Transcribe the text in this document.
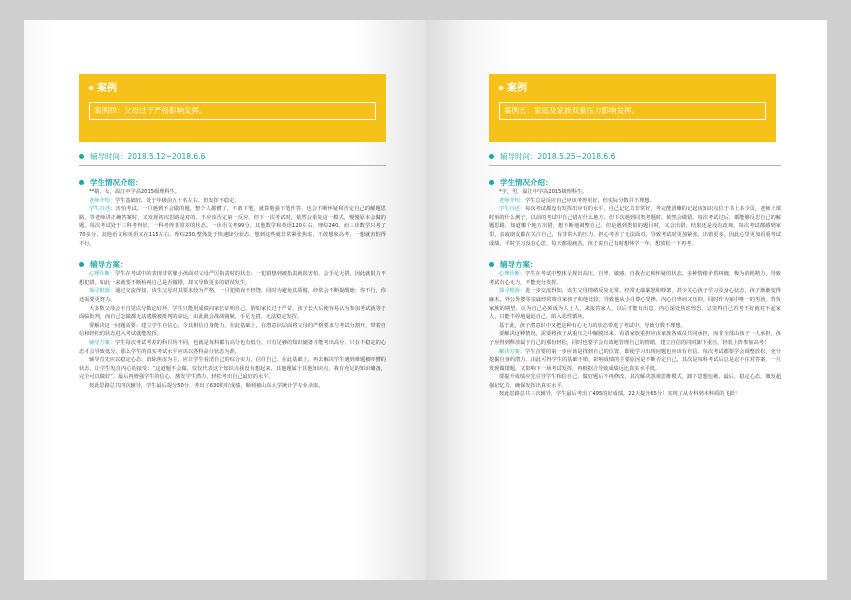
案例
案例四：父母过于严格影响发挥。
辅导时间：2018.5.12~2018.6.6
学生情况介绍：

**婧，女，温江中学高2015级理科生。

老师介绍：学生基础好，处于年级前五十名左右，但发挥不稳定。

学生自述：害怕考试，一旦遇到不会做的题，整个人都懵了，不敢下笔，就算勉强下笔作答，也会不断怀疑和否定自己的解题思路。等老师讲正确答案时，又发现初次思路是对的，不应该否定第一反应。但下一次考试时，依然会重复这一模式，慢慢原本会做的题，每次考试处于三科考得好，一科考得非常差的状态。一诊语文考99分，其他数学和英语120左右，理综240。而三诊数学只考了70多分，其他语文和英语又在115左右，理综230,整体处于快速降分状态。想到这些就非常紧张焦虑，不敢想象高考，一想就害怕得不行。

辅导方案：

心理诊断：学生在考试中的表现非常像小孩面对父母严厉指责时的状态：一犯错想到被指责就很害怕，会手足无措，因此就很力不想犯错。如此一来就要不断检视自己是否做错，却又导致更多的错误发生。

探寻根源：通过交流得知，该生父母对其要求较为严格，一旦犯错误不轻饶，同时为避免其骄傲，经常会不断提醒她：你不行，你还需要更努力。

大多数父母会不自觉以分数论好坏，学生只能用成绩向家长证明自己。假如家长过于严苛，孩子长大后便容易认为参加考试就等于面临批判，而自己怎做都无法逃脱被批判的命运，由此就会战战兢兢，手足无措，无法稳定发挥。

要解决这一问题需要：建立学生自信心，令其相信自身能力。在此基础上，在潜意识层面将父母的严格要求与考试分割开，带着自信和轻松的状态进入考试就能发挥。

辅导方案：学生每次考试考差的科目均不同，也就是每科都有高分也有低分。只有足够的知识储备才能考出高分，只有不稳定的心态才会导致低分。那么学生的真实考试水平应该以各科高分状态为准。

辅导首先应以稳定心态、消除焦虑为主，应让学生看清自己的综合实力，信任自己。在此基础上，再去解决学生遇到难题被吓懵的状态，让学生发自内心的接受：“这道题不会做，仅仅代表这个知识点我没有想起来，其他题属于其他知识点，我有充足的知识储备，完全可以做好”。最后再增强学生的信心，激发学生潜力，轻松考出自己最好的水平。

按此思路总共四次辅导，学生最后提分50分，考出了630的好成绩，顺利被山东大学统计学专业录取。

案例
案例五：家庭及家族双重压力影响发挥。
辅导时间：2018.5.25~2018.6.6
学生情况介绍：

*宇，男，温江中学高2015级理科生。

老师介绍：学生总是反应自己应该考得更好，但实际分数并不理想。

学生自述：每次考试都没有发挥出应有的水平。自己记忆力非常好，考完能清晰的记起该知识点位于书上多少页，老师上课时举的什么例子，以前的考试中自己错在什么地方。但下次遇到同类考题时，依然会做错。每次考试过后，都能够反思自己的解题思路，知道哪个地方出错，想不断地调整自己。但是遇到类似的题目时，又会出错，结果还是没有改观。每次考试都感到家里，亲戚朋友都在关注自己，有非常大的压力，担心考差了无法面对，导致考试时更加紧张，出错更多。因此心里更加看重考试成绩，平时学习没有心思，每天都很痛苦。孩子说自己有时想休学一年，想放松一下再考。

辅导方案：

心理诊断：学生在考试中整体呈现出高压，自卑、敏感，自我否定和怀疑的状态，多种情绪矛盾纠缠，极为消耗精力，导致考试有心无力，不能充分发挥。

探寻根源：进一步交流得知，该生父母情绪反复无常，经常无端暴怒和吵架，甚少关心孩子学习及身心状态，孩子渐渐变得麻木。外公外婆等亲戚经常将自家孩子和他比较，导致他从小自尊心受挫，内心自卑而又压抑。同时作为家中唯一的男孩，背负家族的期望，认为自己必须成为人上人，来报答家人，以后才能有出息。内心深处焦虑惶恐，总觉得自己若考不好就对不起家人，只能不停地逼迫自己，陷入恶性循环。

基于此，孩子潜意识中又把这种有心无力的状态带进了考试中，导致分数不理想。

要解决这种情况，需要将孩子从重压之中解脱出来。看清家族重担应由家族各成员共同承担，而非全部由孩子一人承担。孩子应得到释放属于自己的那份轻松，同时也要学会有效地管理自己的情绪，建立自信的同时卸下重压。轻装上阵参加高考！

解决方案：学生首要的第一步应该是找到自己的位置，即使学习出现问题也应该有自信。每次考试都要学会调整放松，充分挖掘自身的潜力，由此可得学生的基础不错，影响成绩的主要原因是不断否定自己，其次是每科考试后总是忍不住对答案，一旦发现做错题，又影响下一场考试发挥。再根据合导致成绩远比真实水平低。

要提升成绩应先引导学生相信自己，做好题后不再修改，其次解决怨观思维模式，卸下思想包袱。最后，稳定心态，激发超强记忆力，确保发挥出真实水平。

按此思路总共三次辅导，学生最后考出了495的好成绩，22天提升65分！实现了从专科到本科质的飞跃！
